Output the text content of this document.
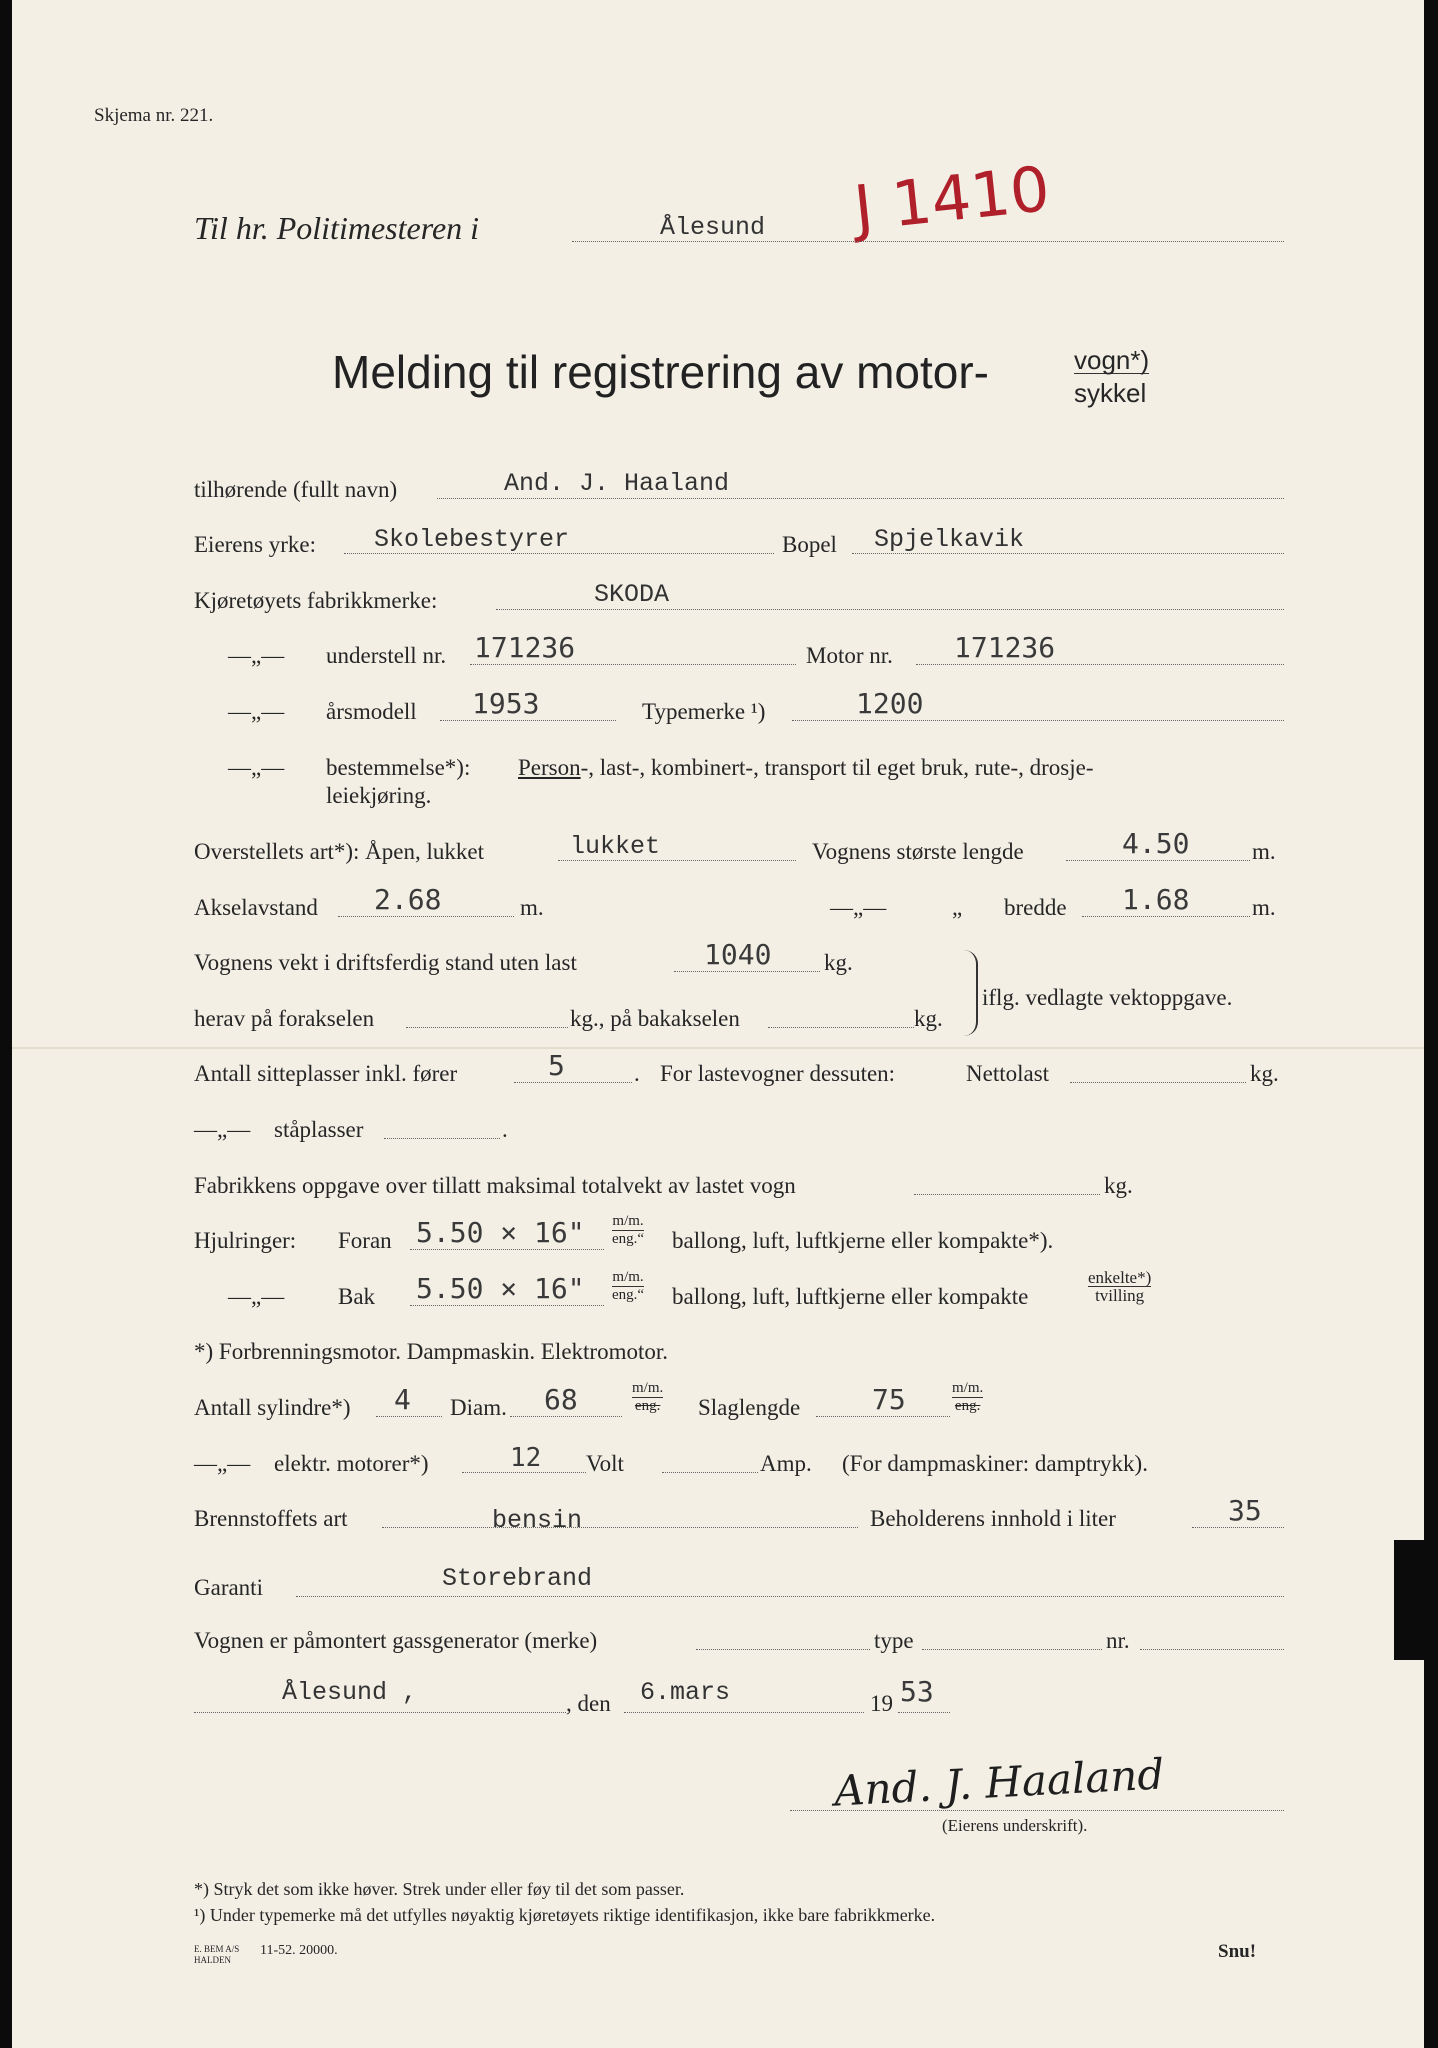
Skjema nr. 221.
J 1410
Til hr. Politimesteren i	Ålesund
Melding til registrering av motor-	vogn*)
sykkel
tilhørende (fullt navn)	And. J. Haaland
Eierens yrke: Skolebestyrer	Bopel Spjelkavik
Kjøretøyets fabrikkmerke:	SKODA
—„— understell nr. 171236	Motor nr. 171236
—„— årsmodell 1953	Typemerke ¹)	1200
—„— bestemmelse*): Person-, last-, kombinert-, transport til eget bruk, rute-, drosje-
leiekjøring.
Overstellets art*): Åpen, lukket	lukket	Vognens største lengde	4.50	m.
Akselavstand 2.68	m.	—„—	„ bredde 1.68	m.
Vognens vekt i driftsferdig stand uten last	1040 kg.
herav på forakselen	kg., på bakakselen	kg.
iflg. vedlagte vektoppgave.
Antall sitteplasser inkl. fører	5	. For lastevogner dessuten:	Nettolast	kg.
—„— ståplasser	.
Fabrikkens oppgave over tillatt maksimal totalvekt av lastet vogn	kg.
Hjulringer: Foran 5.50 × 16" m/m.
eng.“ ballong, luft, luftkjerne eller kompakte*).
—„— Bak 5.50 × 16" m/m.
eng.“ ballong, luft, luftkjerne eller kompakte
enkelte*)
tvilling
*) Forbrenningsmotor. Dampmaskin. Elektromotor.
Antall sylindre*) 4 Diam. 68	m/m.
eng. Slaglengde	75	m/m.
eng.
—„— elektr. motorer*)	12 Volt	Amp. (For dampmaskiner: damptrykk).
Brennstoffets art	bensin	Beholderens innhold i liter	35
Garanti	Storebrand
Vognen er påmontert gassgenerator (merke)	type	nr.
Ålesund ,	, den 6.mars	19 53
And. J. Haaland
(Eierens underskrift).
*) Stryk det som ikke høver. Strek under eller føy til det som passer.
¹) Under typemerke må det utfylles nøyaktig kjøretøyets riktige identifikasjon, ikke bare fabrikkmerke.
E. BEM A/S HALDEN
11-52. 20000.	Snu!
